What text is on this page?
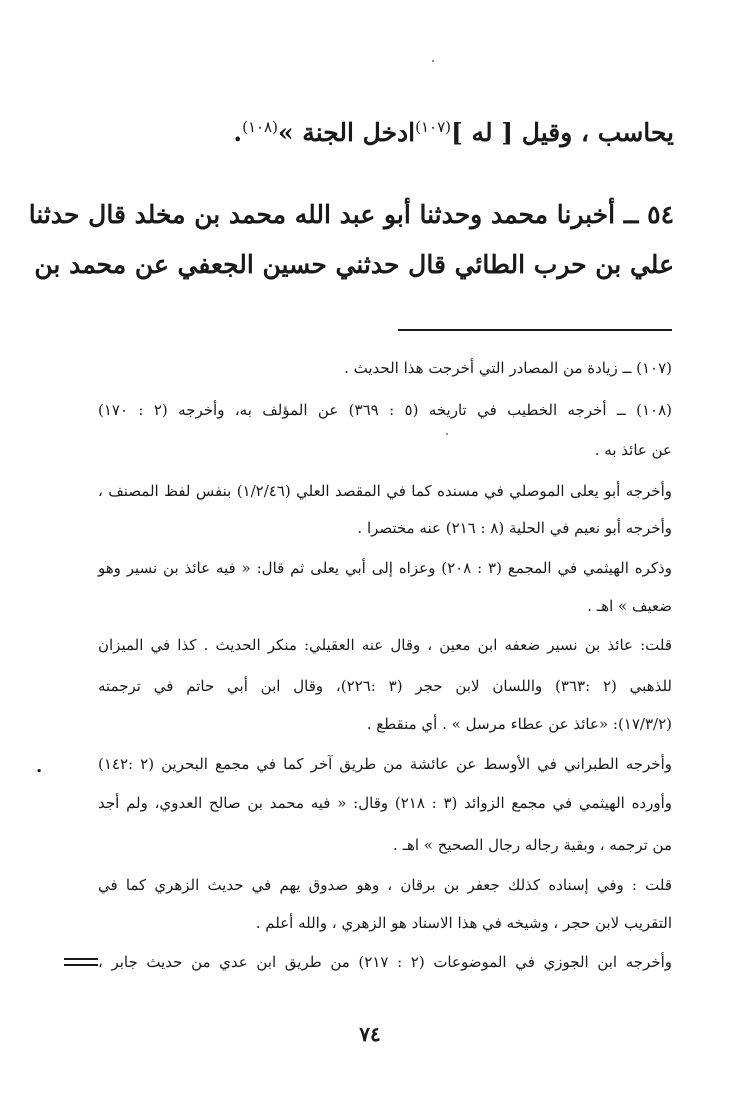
يحاسب ، وقيل [ له ]$^{(١٠٧)}$ادخل الجنة »$^{(١٠٨)}$.
٥٤ ــ أخبرنا محمد وحدثنا أبو عبد الله محمد بن مخلد قال حدثنا
علي بن حرب الطائي قال حدثني حسين الجعفي عن محمد بن
(١٠٧) ــ زيادة من المصادر التي أخرجت هذا الحديث .
(١٠٨) ــ أخرجه الخطيب في تاريخه (٥ : ٣٦٩) عن المؤلف به، وأخرجه (٢ : ١٧٠)
عن عائذ به .
وأخرجه أبو يعلى الموصلي في مسنده كما في المقصد العلي (١/٢/٤٦) بنفس لفظ المصنف ،
وأخرجه أبو نعيم في الحلية (٨ : ٢١٦) عنه مختصرا .
وذكره الهيثمي في المجمع (٣ : ٢٠٨) وعزاه إلى أبي يعلى ثم قال: « فيه عائذ بن نسير وهو
ضعيف » اهـ .
قلت: عائذ بن نسير ضعفه ابن معين ، وقال عنه العقيلي: منكر الحديث . كذا في الميزان
للذهبي (٢ :٣٦٣) واللسان لابن حجر (٣ :٢٢٦)، وقال ابن أبي حاتم في ترجمته
(١٧/٣/٢): «عائذ عن عطاء مرسل » . أي منقطع .
وأخرجه الطبراني في الأوسط عن عائشة من طريق آخر كما في مجمع البحرين (٢ :١٤٢)
.
وأورده الهيثمي في مجمع الزوائد (٣ : ٢١٨) وقال: « فيه محمد بن صالح العدوي، ولم أجد
من ترجمه ، وبقية رجاله رجال الصحيح » اهـ .
قلت : وفي إسناده كذلك جعفر بن برقان ، وهو صدوق يهم في حديث الزهري كما في
التقريب لابن حجر ، وشيخه في هذا الاسناد هو الزهري ، والله أعلم .
وأخرجه ابن الجوزي في الموضوعات (٢ : ٢١٧) من طريق ابن عدي من حديث جابر ،
٧٤
